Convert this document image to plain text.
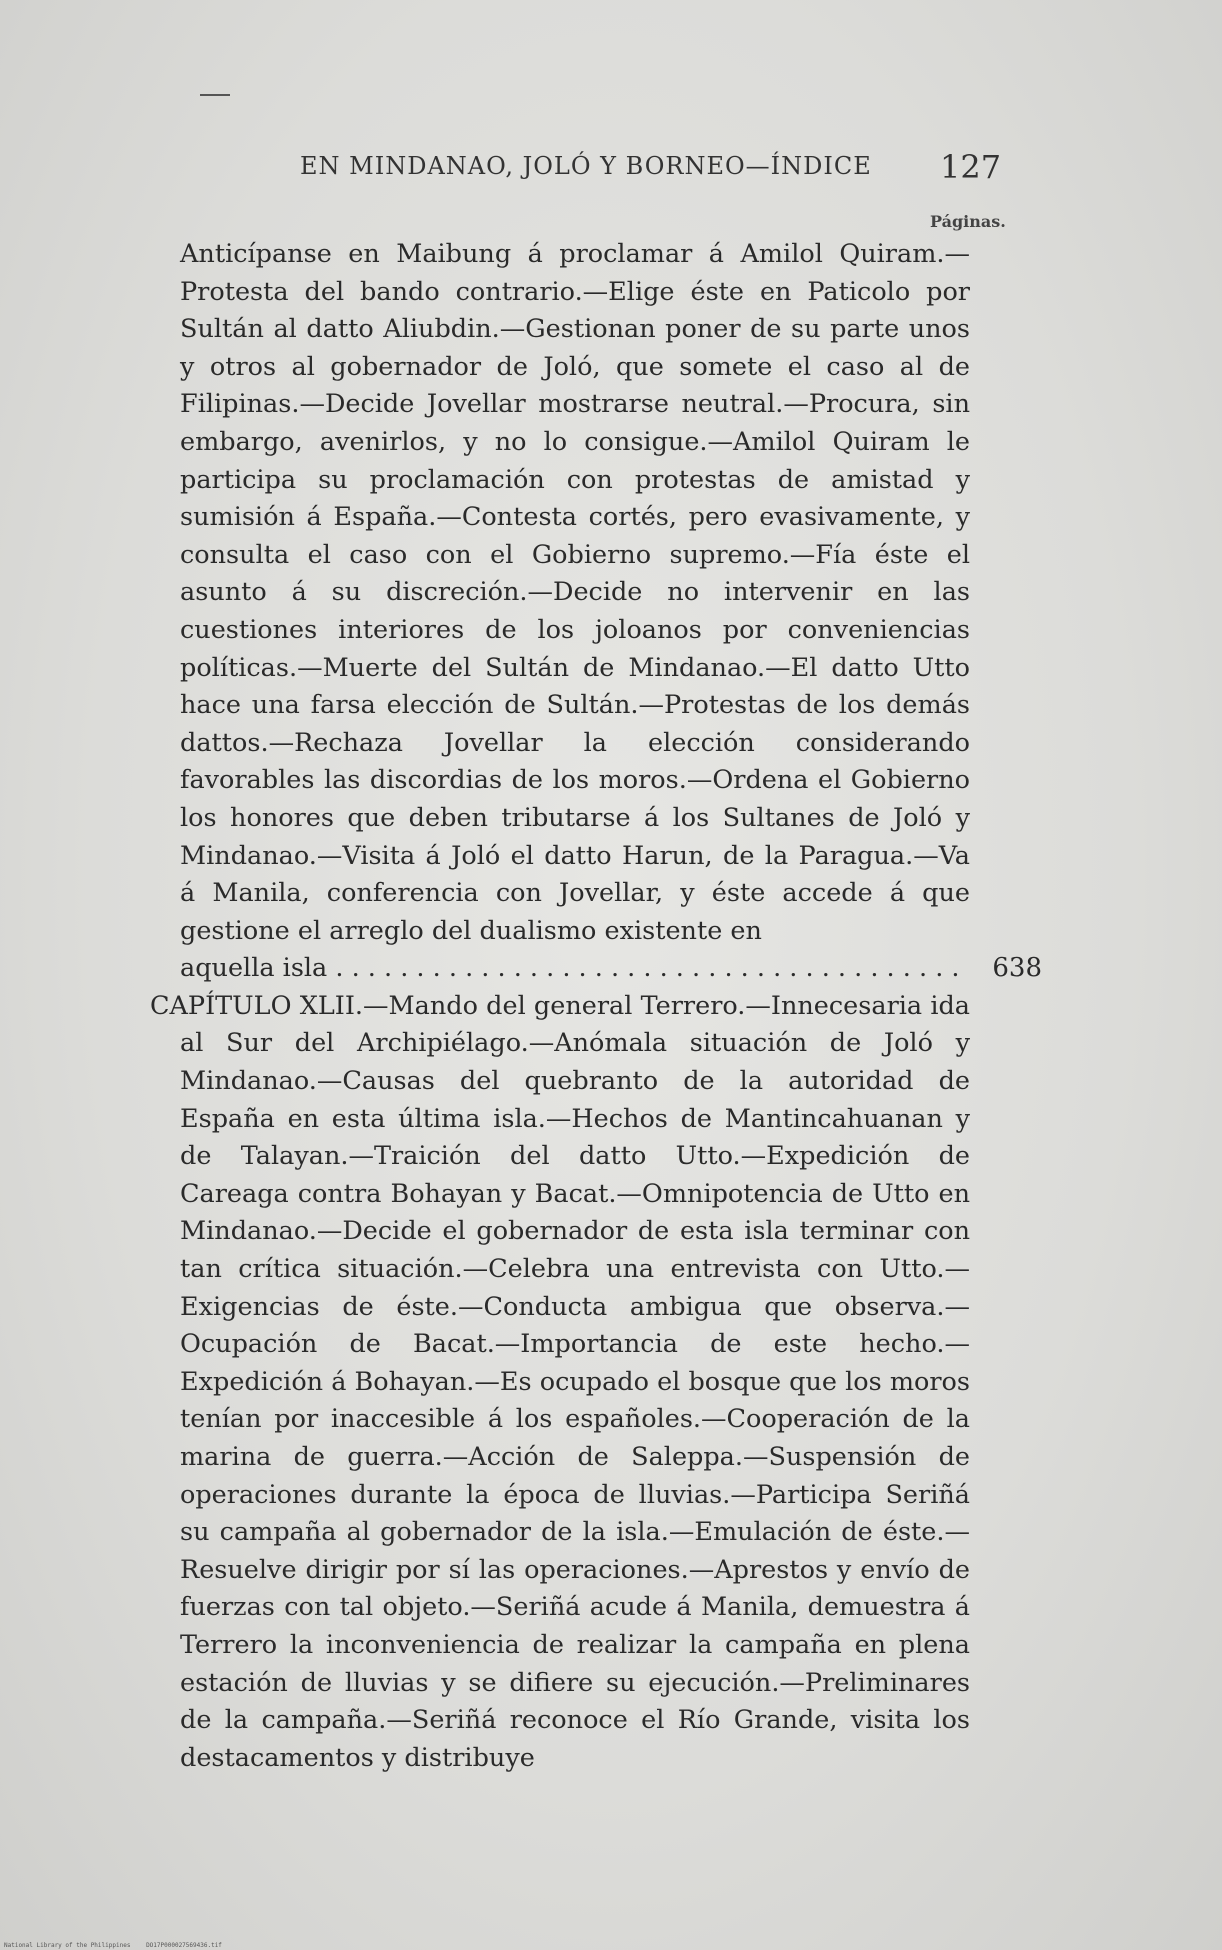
EN MINDANAO, JOLÓ Y BORNEO—ÍNDICE 127
Páginas.
Anticípanse en Maibung á proclamar á Amilol Quiram.—Protesta del bando contrario.—Elige éste en Paticolo por Sultán al datto Aliubdin.—Gestionan poner de su parte unos y otros al gobernador de Joló, que somete el caso al de Filipinas.—Decide Jovellar mostrarse neutral.—Procura, sin embargo, avenirlos, y no lo consigue.—Amilol Quiram le participa su proclamación con protestas de amistad y sumisión á España.—Contesta cortés, pero evasivamente, y consulta el caso con el Gobierno supremo.—Fía éste el asunto á su discreción.—Decide no intervenir en las cuestiones interiores de los joloanos por conveniencias políticas.—Muerte del Sultán de Mindanao.—El datto Utto hace una farsa elección de Sultán.—Protestas de los demás dattos.—Rechaza Jovellar la elección considerando favorables las discordias de los moros.—Ordena el Gobierno los honores que deben tributarse á los Sultanes de Joló y Mindanao.—Visita á Joló el datto Harun, de la Paragua.—Va á Manila, conferencia con Jovellar, y éste accede á que gestione el arreglo del dualismo existente en
aquella isla . . .	638
CAPÍTULO XLII.—Mando del general Terrero.—Innecesaria ida al Sur del Archipiélago.—Anómala situación de Joló y Mindanao.—Causas del quebranto de la autoridad de España en esta última isla.—Hechos de Mantincahuanan y de Talayan.—Traición del datto Utto.—Expedición de Careaga contra Bohayan y Bacat.—Omnipotencia de Utto en Mindanao.—Decide el gobernador de esta isla terminar con tan crítica situación.—Celebra una entrevista con Utto.—Exigencias de éste.—Conducta ambigua que observa.—Ocupación de Bacat.—Importancia de este hecho.—Expedición á Bohayan.—Es ocupado el bosque que los moros tenían por inaccesible á los españoles.—Cooperación de la marina de guerra.—Acción de Saleppa.—Suspensión de operaciones durante la época de lluvias.—Participa Seriñá su campaña al gobernador de la isla.—Emulación de éste.—Resuelve dirigir por sí las operaciones.—Aprestos y envío de fuerzas con tal objeto.—Seriñá acude á Manila, demuestra á Terrero la inconveniencia de realizar la campaña en plena estación de lluvias y se difiere su ejecución.—Preliminares de la campaña.—Seriñá reconoce el Río Grande, visita los destacamentos y distribuye
National Library of the Philippines	DO17P000027569436.tif
